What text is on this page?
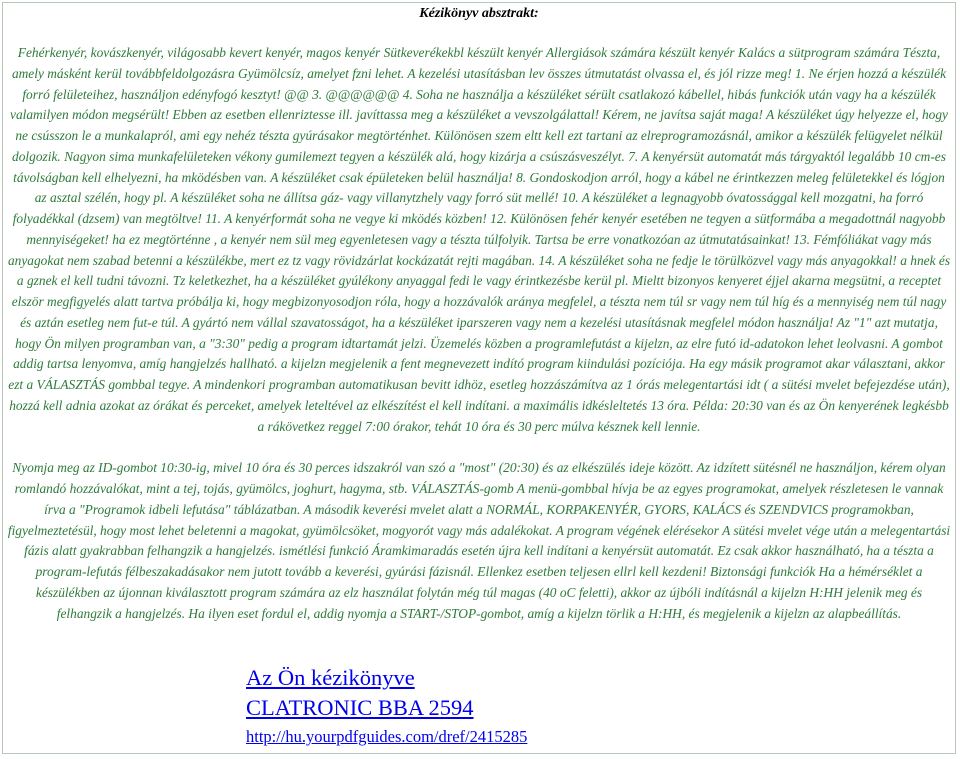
Kézikönyv absztrakt:

Fehérkenyér, kovászkenyér, világosabb kevert kenyér, magos kenyér Sütkeverékekbl készült kenyér Allergiások számára készült kenyér Kalács a sütprogram számára Tészta, amely másként kerül továbbfeldolgozásra Gyümölcsíz, amelyet fzni lehet. A kezelési utasításban lev összes útmutatást olvassa el, és jól rizze meg! 1. Ne érjen hozzá a készülék forró felületeihez, használjon edényfogó kesztyt! @@ 3. @@@@@@ 4. Soha ne használja a készüléket sérült csatlakozó kábellel, hibás funkciók után vagy ha a készülék valamilyen módon megsérült! Ebben az esetben ellenriztesse ill. javíttassa meg a készüléket a vevszolgálattal! Kérem, ne javítsa saját maga! A készüléket úgy helyezze el, hogy ne csússzon le a munkalapról, ami egy nehéz tészta gyúrásakor megtörténhet. Különösen szem eltt kell ezt tartani az elreprogramozásnál, amikor a készülék felügyelet nélkül dolgozik. Nagyon sima munkafelületeken vékony gumilemezt tegyen a készülék alá, hogy kizárja a csúszásveszélyt. 7. A kenyérsüt automatát más tárgyaktól legalább 10 cm-es távolságban kell elhelyezni, ha mködésben van. A készüléket csak épületeken belül használja! 8. Gondoskodjon arról, hogy a kábel ne érintkezzen meleg felületekkel és lógjon az asztal szélén, hogy pl. A készüléket soha ne állítsa gáz- vagy villanytzhely vagy forró süt mellé! 10. A készüléket a legnagyobb óvatossággal kell mozgatni, ha forró folyadékkal (dzsem) van megtöltve! 11. A kenyérformát soha ne vegye ki mködés közben! 12. Különösen fehér kenyér esetében ne tegyen a sütformába a megadottnál nagyobb mennyiségeket! ha ez megtörténne , a kenyér nem sül meg egyenletesen vagy a tészta túlfolyik. Tartsa be erre vonatkozóan az útmutatásainkat! 13. Fémfóliákat vagy más anyagokat nem szabad betenni a készülékbe, mert ez tz vagy rövidzárlat kockázatát rejti magában. 14. A készüléket soha ne fedje le törülközvel vagy más anyagokkal! a hnek és a gznek el kell tudni távozni. Tz keletkezhet, ha a készüléket gyúlékony anyaggal fedi le vagy érintkezésbe kerül pl. Mieltt bizonyos kenyeret éjjel akarna megsütni, a receptet elször megfigyelés alatt tartva próbálja ki, hogy megbizonyosodjon róla, hogy a hozzávalók aránya megfelel, a tészta nem túl sr vagy nem túl híg és a mennyiség nem túl nagy és aztán esetleg nem fut-e túl. A gyártó nem vállal szavatosságot, ha a készüléket iparszeren vagy nem a kezelési utasításnak megfelel módon használja! Az "1" azt mutatja, hogy Ön milyen programban van, a "3:30" pedig a program idtartamát jelzi. Üzemelés közben a programlefutást a kijelzn, az elre futó id-adatokon lehet leolvasni. A gombot addig tartsa lenyomva, amíg hangjelzés hallható. a kijelzn megjelenik a fent megnevezett indító program kiindulási pozíciója. Ha egy másik programot akar választani, akkor ezt a VÁLASZTÁS gombbal tegye. A mindenkori programban automatikusan bevitt idhöz, esetleg hozzászámítva az 1 órás melegentartási idt ( a sütési mvelet befejezdése után), hozzá kell adnia azokat az órákat és perceket, amelyek leteltével az elkészítést el kell indítani. a maximális idkésleltetés 13 óra. Példa: 20:30 van és az Ön kenyerének legkésbb a rákövetkez reggel 7:00 órakor, tehát 10 óra és 30 perc múlva késznek kell lennie.

Nyomja meg az ID-gombot 10:30-ig, mivel 10 óra és 30 perces idszakról van szó a "most" (20:30) és az elkészülés ideje között. Az idzített sütésnél ne használjon, kérem olyan romlandó hozzávalókat, mint a tej, tojás, gyümölcs, joghurt, hagyma, stb. VÁLASZTÁS-gomb A menü-gombbal hívja be az egyes programokat, amelyek részletesen le vannak írva a "Programok idbeli lefutása" táblázatban. A második keverési mvelet alatt a NORMÁL, KORPAKENYÉR, GYORS, KALÁCS és SZENDVICS programokban, figyelmeztetésül, hogy most lehet beletenni a magokat, gyümölcsöket, mogyorót vagy más adalékokat. A program végének elérésekor A sütési mvelet vége után a melegentartási fázis alatt gyakrabban felhangzik a hangjelzés. ismétlési funkció Áramkimaradás esetén újra kell indítani a kenyérsüt automatát. Ez csak akkor használható, ha a tészta a program-lefutás félbeszakadásakor nem jutott tovább a keverési, gyúrási fázisnál. Ellenkez esetben teljesen ellrl kell kezdeni! Biztonsági funkciók Ha a hémérséklet a készülékben az újonnan kiválasztott program számára az elz használat folytán még túl magas (40 oC feletti), akkor az újbóli indításnál a kijelzn H:HH jelenik meg és felhangzik a hangjelzés. Ha ilyen eset fordul el, addig nyomja a START-/STOP-gombot, amíg a kijelzn törlik a H:HH, és megjelenik a kijelzn az alapbeállítás.

Az Ön kézikönyve
CLATRONIC BBA 2594
http://hu.yourpdfguides.com/dref/2415285
